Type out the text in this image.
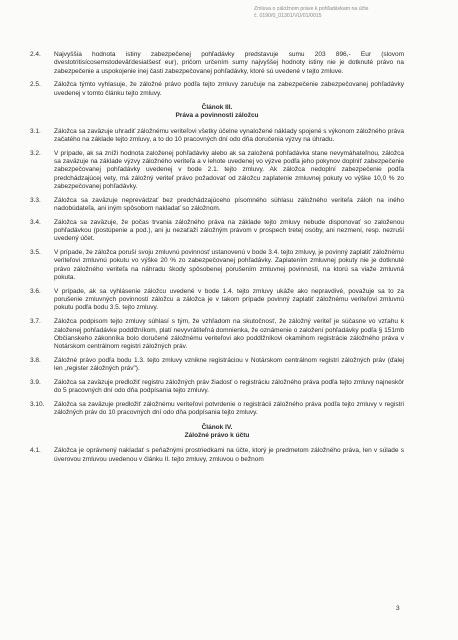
Zmluva o záložnom práve k pohľadávkam na účte
č. 0190/0_01301/VÚ/01/0015
2.4.	Najvyššia hodnota istiny zabezpečenej pohľadávky predstavuje sumu 203 896,- Eur (slovom dvestotritisícosemstodeväťdesiatšesť eur), pričom určením sumy najvyššej hodnoty istiny nie je dotknuté právo na zabezpečenie a uspokojenie inej časti zabezpečovanej pohľadávky, ktoré sú uvedené v tejto zmluve.
2.5.	Záložca týmto vyhlasuje, že záložné právo podľa tejto zmluvy zaručuje na zabezpečenie zabezpečovanej pohľadávky uvedenej v tomto článku tejto zmluvy.
Článok III.
Práva a povinnosti záložcu
3.1.	Záložca sa zaväzuje uhradiť záložnému veriteľovi všetky účelne vynaložené náklady spojené s výkonom záložného práva začatého na základe tejto zmluvy, a to do 10 pracovných dní odo dňa doručenia výzvy na úhradu.
3.2.	V prípade, ak sa zníži hodnota založenej pohľadávky alebo ak sa založená pohľadávka stane nevymáhateľnou, záložca sa zaväzuje na základe výzvy záložného veriteľa a v lehote uvedenej vo výzve podľa jeho pokynov doplniť zabezpečenie zabezpečovanej pohľadávky uvedenej v bode 2.1. tejto zmluvy. Ak záložca nedoplní zabezpečenie podľa predchádzajúcej vety, má záložný veriteľ právo požadovať od záložcu zaplatenie zmluvnej pokuty vo výške 10,0 % zo zabezpečovanej pohľadávky.
3.3.	Záložca sa zaväzuje neprevádzať bez predchádzajúceho písomného súhlasu záložného veriteľa záloh na iného nadobúdateľa, ani iným spôsobom nakladať so záložnom.
3.4.	Záložca sa zaväzuje, že počas trvania záložného práva na základe tejto zmluvy nebude disponovať so založenou pohľadávkou (postúpenie a pod.), ani ju nezaťaží záložným právom v prospech tretej osoby, ani nezmení, resp. nezruší uvedený účet.
3.5.	V prípade, že záložca poruší svoju zmluvnú povinnosť ustanovenú v bode 3.4. tejto zmluvy, je povinný zaplatiť záložnému veriteľovi zmluvnú pokutu vo výške 20 % zo zabezpečovanej pohľadávky. Zaplatením zmluvnej pokuty nie je dotknuté právo záložného veriteľa na náhradu škody spôsobenej porušením zmluvnej povinnosti, na ktorú sa viaže zmluvná pokuta.
3.6.	V prípade, ak sa vyhlásenie záložcu uvedené v bode 1.4. tejto zmluvy ukáže ako nepravdivé, považuje sa to za porušenie zmluvných povinností záložcu a záložca je v takom prípade povinný zaplatiť záložnému veriteľovi zmluvnú pokutu podľa bodu 3.5. tejto zmluvy.
3.7.	Záložca podpisom tejto zmluvy súhlasí s tým, že vzhľadom na skutočnosť, že záložný veriteľ je súčasne vo vzťahu k založenej pohľadávke poddlžníkom, platí nevyvrátiteľná domnienka, že oznámenie o založení pohľadávky podľa § 151mb Občianskeho zákonníka bolo doručené záložnému veriteľovi ako poddlžníkovi okamihom registrácie záložného práva v Notárskom centrálnom registri záložných práv.
3.8.	Záložné právo podľa bodu 1.3. tejto zmluvy vznikne registráciou v Notárskom centrálnom registri záložných práv (ďalej len „register záložných práv").
3.9.	Záložca sa zaväzuje predložiť registru záložných práv žiadosť o registráciu záložného práva podľa tejto zmluvy najneskôr do 5 pracovných dní odo dňa podpísania tejto zmluvy.
3.10.	Záložca sa zaväzuje predložiť záložnému veriteľovi potvrdenie o registrácii záložného práva podľa tejto zmluvy v registri záložných práv do 10 pracovných dní odo dňa podpísania tejto zmluvy.
Článok IV.
Záložné právo k účtu
4.1.	Záložca je oprávnený nakladať s peňažnými prostriedkami na účte, ktorý je predmetom záložného práva, len v súlade s úverovou zmluvou uvedenou v článku II. tejto zmluvy, zmluvou o bežnom
3
